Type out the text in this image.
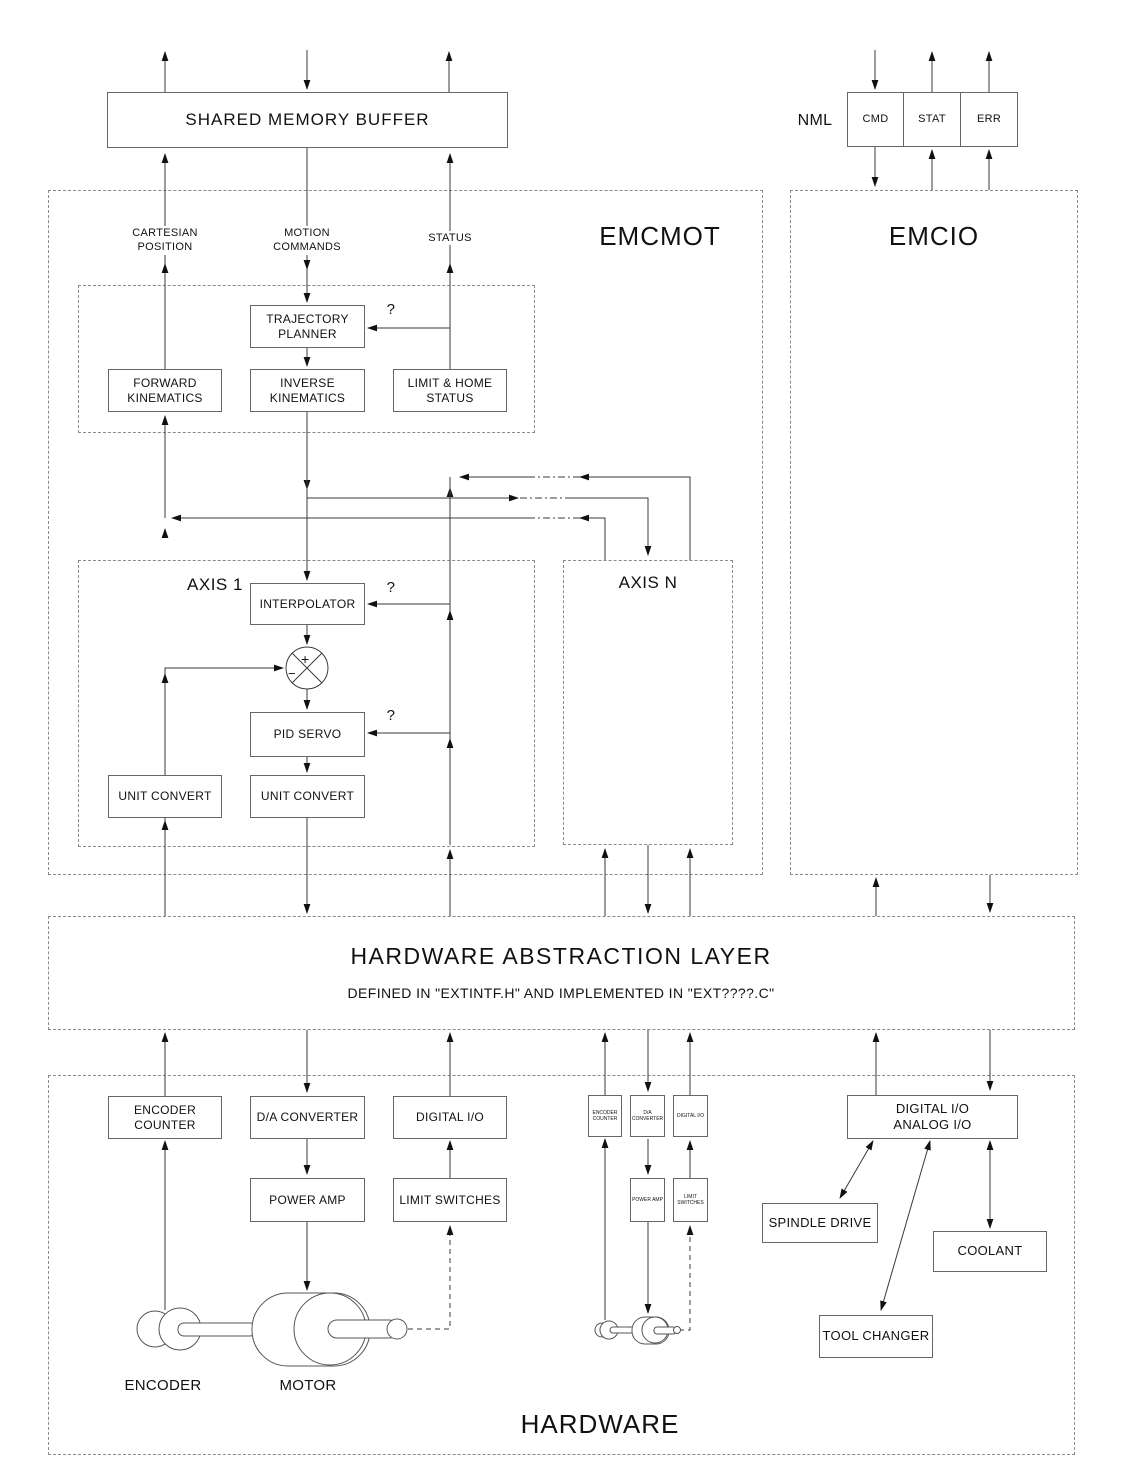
+
−
EMCMOT	EMCIO
AXIS 1	AXIS N
HARDWARE ABSTRACTION LAYER
DEFINED IN "EXTINTF.H" AND IMPLEMENTED IN "EXT????.C"
HARDWARE
SHARED MEMORY BUFFER	NML	CMD	STAT	ERR
CARTESIAN POSITION
MOTION COMMANDS
STATUS
TRAJECTORY PLANNER
FORWARD KINEMATICS
INVERSE KINEMATICS
LIMIT & HOME STATUS
?
INTERPOLATOR
?
PID SERVO
?
UNIT CONVERT	UNIT CONVERT
ENCODER COUNTER
D/A CONVERTER	DIGITAL I/O
POWER AMP	LIMIT SWITCHES
ENCODER	MOTOR
ENCODER COUNTER
D/A CONVERTER
DIGITAL I/O
POWER AMP
LIMIT SWITCHES
DIGITAL I/O
ANALOG I/O
SPINDLE DRIVE
COOLANT
TOOL CHANGER
